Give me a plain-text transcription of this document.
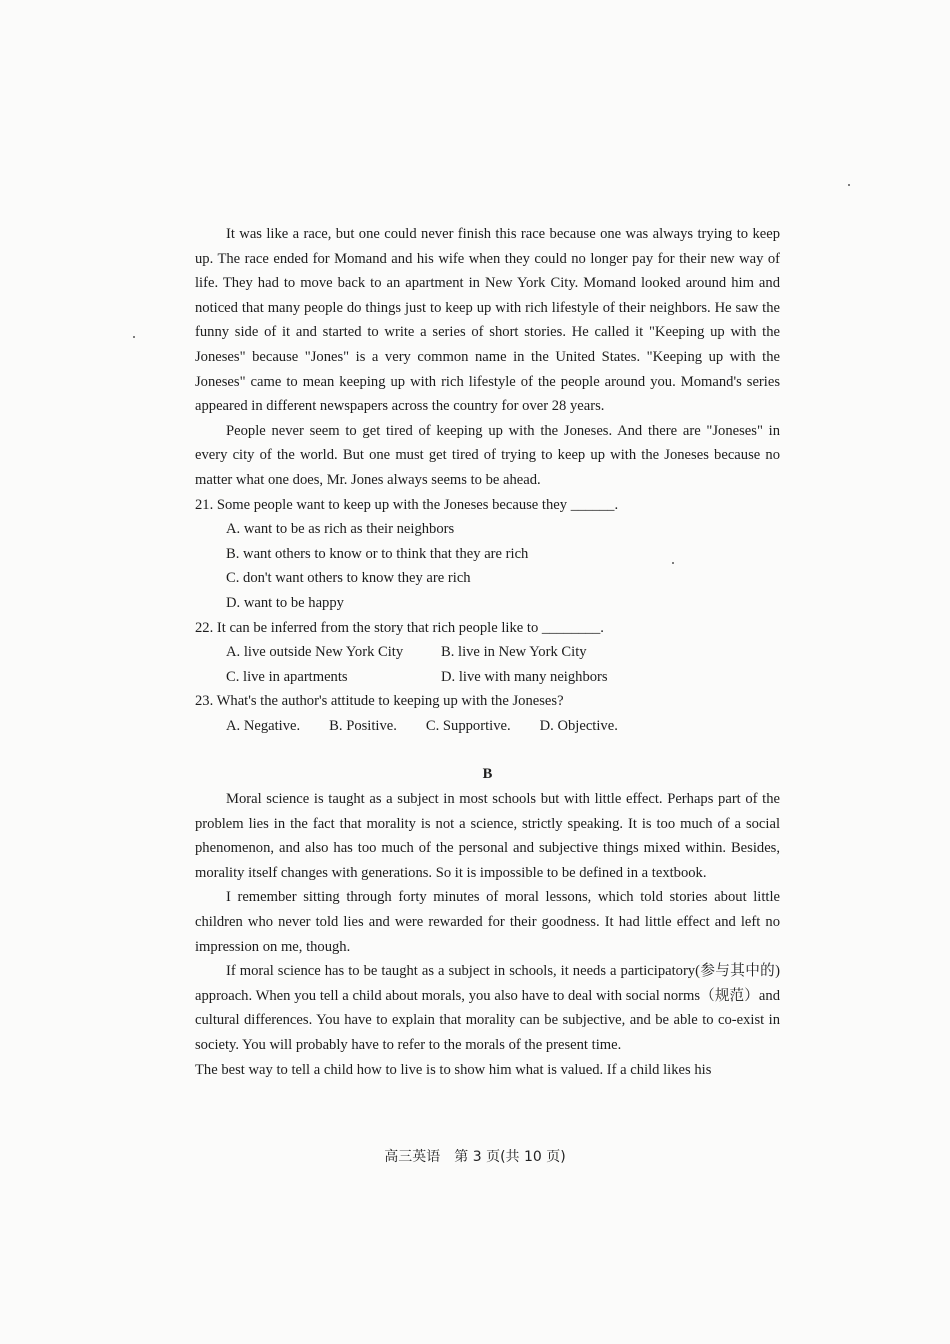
It was like a race, but one could never finish this race because one was always trying to keep up. The race ended for Momand and his wife when they could no longer pay for their new way of life. They had to move back to an apartment in New York City. Momand looked around him and noticed that many people do things just to keep up with rich lifestyle of their neighbors. He saw the funny side of it and started to write a series of short stories. He called it "Keeping up with the Joneses" because "Jones" is a very common name in the United States. "Keeping up with the Joneses" came to mean keeping up with rich lifestyle of the people around you. Momand's series appeared in different newspapers across the country for over 28 years.

People never seem to get tired of keeping up with the Joneses. And there are "Joneses" in every city of the world. But one must get tired of trying to keep up with the Joneses because no matter what one does, Mr. Jones always seems to be ahead.

21. Some people want to keep up with the Joneses because they ______.

A. want to be as rich as their neighbors

B. want others to know or to think that they are rich

C. don't want others to know they are rich

D. want to be happy

22. It can be inferred from the story that rich people like to ________.

A. live outside New York City	B. live in New York City
C. live in apartments	D. live with many neighbors

23. What's the author's attitude to keeping up with the Joneses?

A. Negative. B. Positive. C. Supportive. D. Objective.

B

Moral science is taught as a subject in most schools but with little effect. Perhaps part of the problem lies in the fact that morality is not a science, strictly speaking. It is too much of a social phenomenon, and also has too much of the personal and subjective things mixed within. Besides, morality itself changes with generations. So it is impossible to be defined in a textbook.

I remember sitting through forty minutes of moral lessons, which told stories about little children who never told lies and were rewarded for their goodness. It had little effect and left no impression on me, though.

If moral science has to be taught as a subject in schools, it needs a participatory(参与其中的) approach. When you tell a child about morals, you also have to deal with social norms（规范）and cultural differences. You have to explain that morality can be subjective, and be able to co-exist in society. You will probably have to refer to the morals of the present time.

The best way to tell a child how to live is to show him what is valued. If a child likes his

高三英语　第 3 页(共 10 页)
